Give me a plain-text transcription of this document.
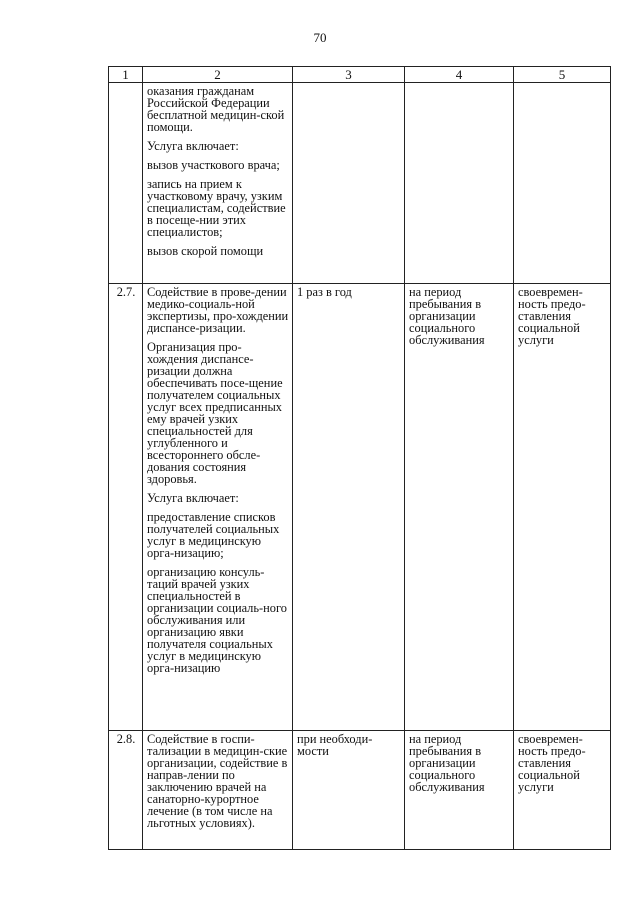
70
1	2	3	4	5

	оказания гражданам Российской Федерации бесплатной медицин-ской помощи.
Услуга включает:
вызов участкового врача;
запись на прием к участковому врачу, узким специалистам, содействие в посеще-нии этих специалистов;
вызов скорой помощи			

2.7.	Содействие в прове-дении медико-социаль-ной экспертизы, про-хождении диспансе-ризации.
Организация про-хождения диспансе-ризации должна обеспечивать посе-щение получателем социальных услуг всех предписанных ему врачей узких специальностей для углубленного и всестороннего обсле-дования состояния здоровья.
Услуга включает:
предоставление списков получателей социальных услуг в медицинскую орга-низацию;
организацию консуль-таций врачей узких специальностей в организации социаль-ного обслуживания или организацию явки получателя социальных услуг в медицинскую орга-низацию	1 раз в год	на период пребывания в организации социального обслуживания	своевремен-ность предо-ставления социальной услуги
2.8.	Содействие в госпи-тализации в медицин-ские организации, содействие в направ-лении по заключению врачей на санаторно-курортное лечение (в том числе на льготных условиях).	при необходи-мости	на период пребывания в организации социального обслуживания	своевремен-ность предо-ставления социальной услуги
